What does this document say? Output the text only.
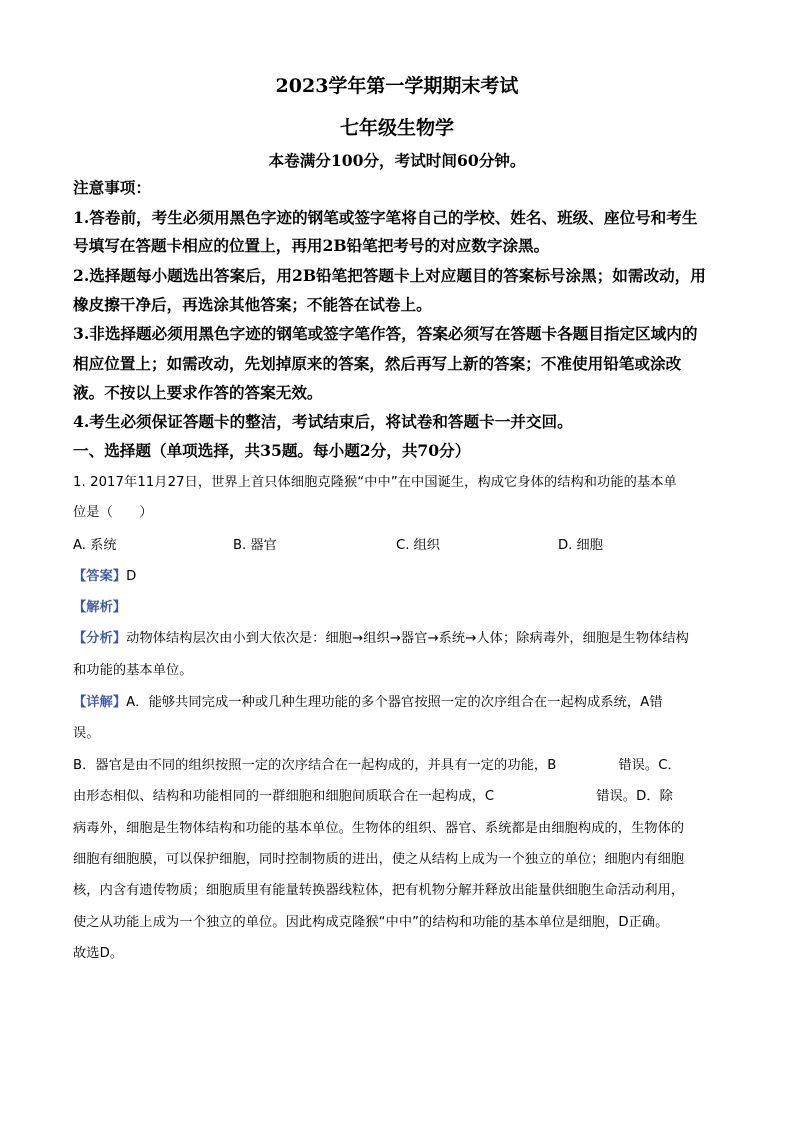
2023学年第一学期期末考试
七年级生物学
本卷满分100分，考试时间60分钟。
注意事项：
1.答卷前，考生必须用黑色字迹的钢笔或签字笔将自己的学校、姓名、班级、座位号和考生
号填写在答题卡相应的位置上，再用2B铅笔把考号的对应数字涂黑。
2.选择题每小题选出答案后，用2B铅笔把答题卡上对应题目的答案标号涂黑；如需改动，用
橡皮擦干净后，再选涂其他答案；不能答在试卷上。
3.非选择题必须用黑色字迹的钢笔或签字笔作答，答案必须写在答题卡各题目指定区域内的
相应位置上；如需改动，先划掉原来的答案，然后再写上新的答案；不准使用铅笔或涂改
液。不按以上要求作答的答案无效。
4.考生必须保证答题卡的整洁，考试结束后，将试卷和答题卡一并交回。
一、选择题（单项选择，共35题。每小题2分，共70分）
1. 2017年11月27日，世界上首只体细胞克隆猴“中中”在中国诞生，构成它身体的结构和功能的基本单
位是（　　）
A. 系统	B. 器官	C. 组织	D. 细胞
【答案】D
【解析】
【分析】动物体结构层次由小到大依次是：细胞→组织→器官→系统→人体；除病毒外，细胞是生物体结构
和功能的基本单位。
【详解】A．能够共同完成一种或几种生理功能的多个器官按照一定的次序组合在一起构成系统，A错
误。
B．器官是由不同的组织按照一定的次序结合在一起构成的，并具有一定的功能，B	错误。C．
由形态相似、结构和功能相同的一群细胞和细胞间质联合在一起构成，C	错误。D．除
病毒外，细胞是生物体结构和功能的基本单位。生物体的组织、器官、系统都是由细胞构成的，生物体的
细胞有细胞膜，可以保护细胞，同时控制物质的进出，使之从结构上成为一个独立的单位；细胞内有细胞
核，内含有遗传物质；细胞质里有能量转换器线粒体，把有机物分解并释放出能量供细胞生命活动利用，
使之从功能上成为一个独立的单位。因此构成克隆猴“中中”的结构和功能的基本单位是细胞，D正确。
故选D。
